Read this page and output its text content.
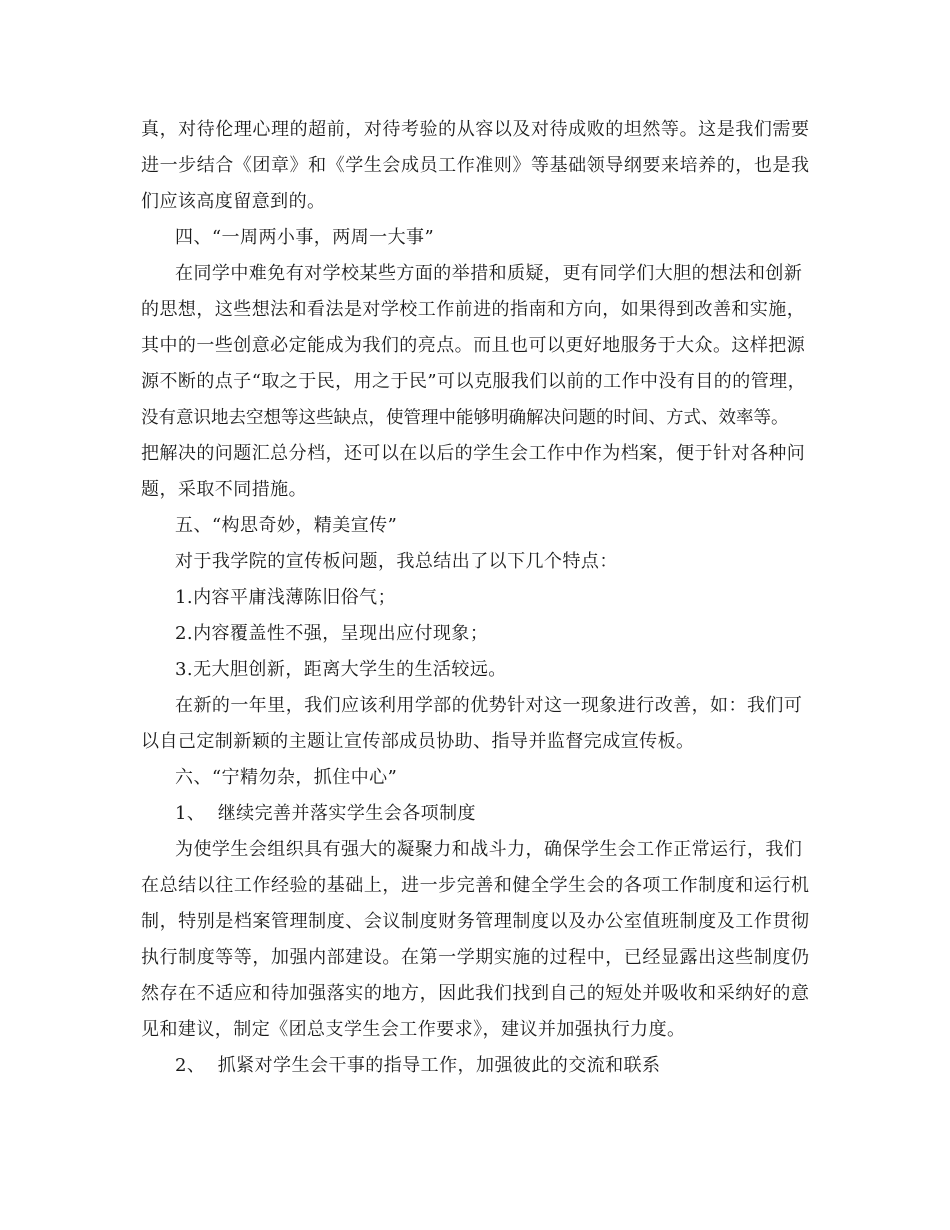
真，对待伦理心理的超前，对待考验的从容以及对待成败的坦然等。这是我们需要
进一步结合《团章》和《学生会成员工作准则》等基础领导纲要来培养的，也是我
们应该高度留意到的。
四、“一周两小事，两周一大事”
在同学中难免有对学校某些方面的举措和质疑，更有同学们大胆的想法和创新
的思想，这些想法和看法是对学校工作前进的指南和方向，如果得到改善和实施，
其中的一些创意必定能成为我们的亮点。而且也可以更好地服务于大众。这样把源
源不断的点子“取之于民，用之于民”可以克服我们以前的工作中没有目的的管理，
没有意识地去空想等这些缺点，使管理中能够明确解决问题的时间、方式、效率等。
把解决的问题汇总分档，还可以在以后的学生会工作中作为档案，便于针对各种问
题，采取不同措施。
五、“构思奇妙，精美宣传”
对于我学院的宣传板问题，我总结出了以下几个特点：
1.内容平庸浅薄陈旧俗气；
2.内容覆盖性不强，呈现出应付现象；
3.无大胆创新，距离大学生的生活较远。
在新的一年里，我们应该利用学部的优势针对这一现象进行改善，如：我们可
以自己定制新颖的主题让宣传部成员协助、指导并监督完成宣传板。
六、“宁精勿杂，抓住中心”
1、  继续完善并落实学生会各项制度
为使学生会组织具有强大的凝聚力和战斗力，确保学生会工作正常运行，我们
在总结以往工作经验的基础上，进一步完善和健全学生会的各项工作制度和运行机
制，特别是档案管理制度、会议制度财务管理制度以及办公室值班制度及工作贯彻
执行制度等等，加强内部建设。在第一学期实施的过程中，已经显露出这些制度仍
然存在不适应和待加强落实的地方，因此我们找到自己的短处并吸收和采纳好的意
见和建议，制定《团总支学生会工作要求》，建议并加强执行力度。
2、  抓紧对学生会干事的指导工作，加强彼此的交流和联系
